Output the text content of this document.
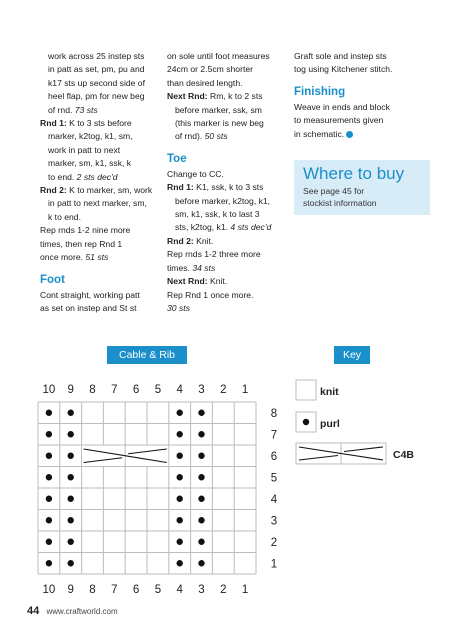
work across 25 instep sts
in patt as set, pm, pu and
k17 sts up second side of
heel flap, pm for new beg
of rnd. 73 sts
Rnd 1: K to 3 sts before
marker, k2tog, k1, sm,
work in patt to next
marker, sm, k1, ssk, k
to end. 2 sts dec'd
Rnd 2: K to marker, sm, work
in patt to next marker, sm,
k to end.
Rep rnds 1-2 nine more
times, then rep Rnd 1
once more. 51 sts
Foot
Cont straight, working patt
as set on instep and St st
on sole until foot measures
24cm or 2.5cm shorter
than desired length.
Next Rnd: Rm, k to 2 sts
before marker, ssk, sm
(this marker is new beg
of rnd). 50 sts
Toe
Change to CC.
Rnd 1: K1, ssk, k to 3 sts
before marker, k2tog, k1,
sm, k1, ssk, k to last 3
sts, k2tog, k1. 4 sts dec'd
Rnd 2: Knit.
Rep rnds 1-2 three more
times. 34 sts
Next Rnd: Knit.
Rep Rnd 1 once more.
30 sts
Graft sole and instep sts
tog using Kitchener stitch.
Finishing
Weave in ends and block
to measurements given
in schematic.
Where to buy
See page 45 for
stockist information
Cable & Rib	Key
10
10
9
9
8
8
7
7
6
6
5
5
4
4
3
3
2
2
1
1
8
7
6
5
4
3
2
1
knit
purl
C4B
44 www.craftworld.com
